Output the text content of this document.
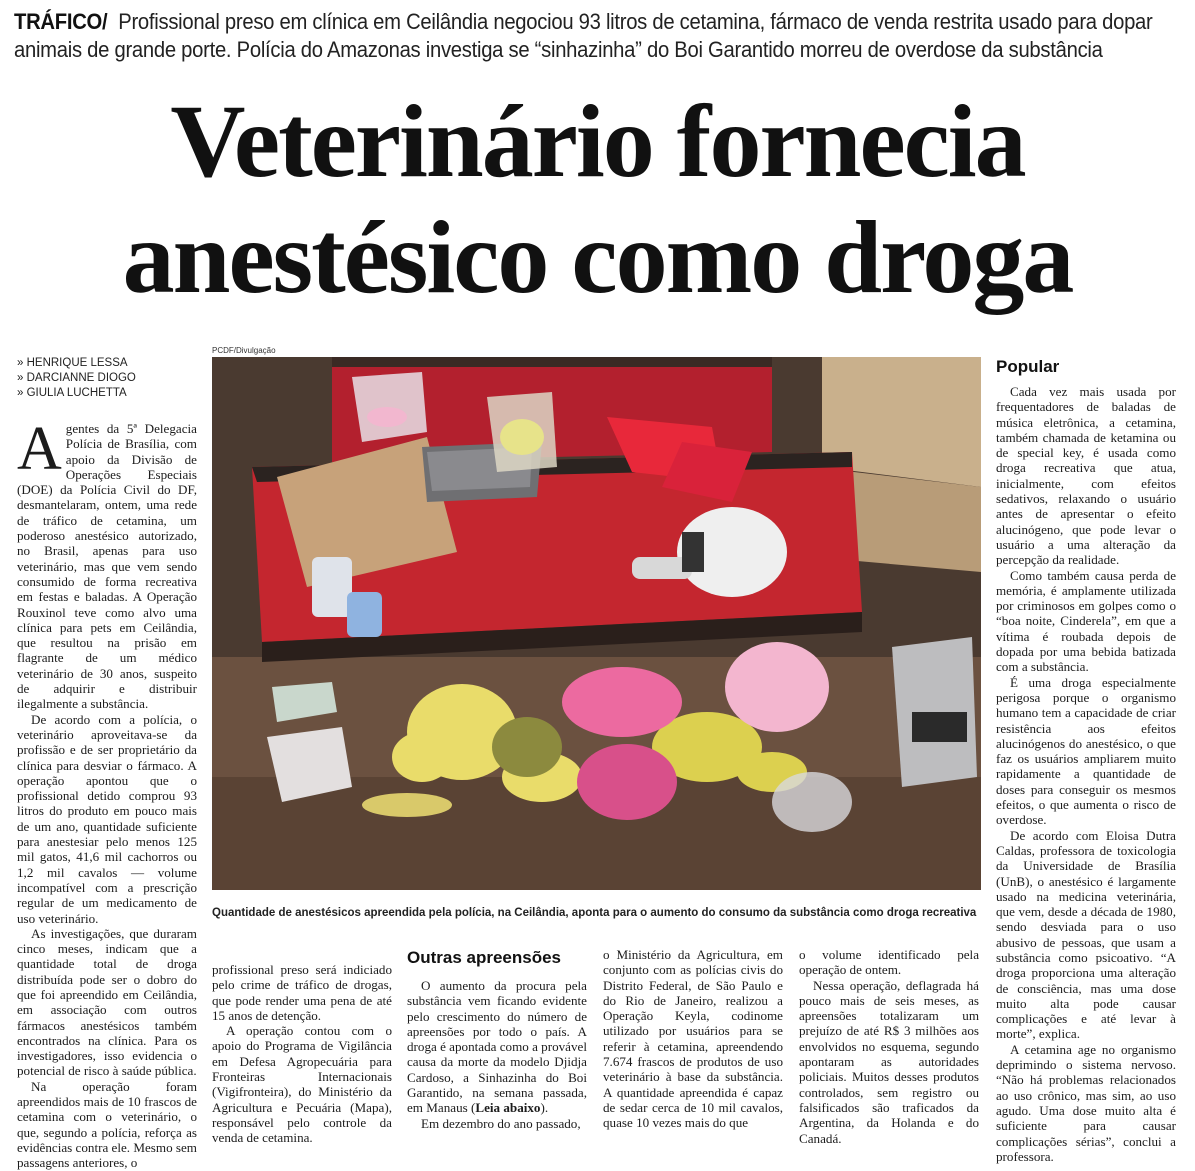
TRÁFICO/ Profissional preso em clínica em Ceilândia negociou 93 litros de cetamina, fármaco de venda restrita usado para dopar animais de grande porte. Polícia do Amazonas investiga se “sinhazinha” do Boi Garantido morreu de overdose da substância
Veterinário fornecia
anestésico como droga
» HENRIQUE LESSA
» DARCIANNE DIOGO
» GIULIA LUCHETTA

Agentes da 5ª Delegacia Polícia de Brasília, com apoio da Divisão de Operações Especiais (DOE) da Polícia Civil do DF, desmantelaram, ontem, uma rede de tráfico de cetamina, um poderoso anestésico autorizado, no Brasil, apenas para uso veterinário, mas que vem sendo consumido de forma recreativa em festas e baladas. A Operação Rouxinol teve como alvo uma clínica para pets em Ceilândia, que resultou na prisão em flagrante de um médico veterinário de 30 anos, suspeito de adquirir e distribuir ilegalmente a substância.

De acordo com a polícia, o veterinário aproveitava-se da profissão e de ser proprietário da clínica para desviar o fármaco. A operação apontou que o profissional detido comprou 93 litros do produto em pouco mais de um ano, quantidade suficiente para anestesiar pelo menos 125 mil gatos, 41,6 mil cachorros ou 1,2 mil cavalos — volume incompatível com a prescrição regular de um medicamento de uso veterinário.

As investigações, que duraram cinco meses, indicam que a quantidade total de droga distribuída pode ser o dobro do que foi apreendido em Ceilândia, em associação com outros fármacos anestésicos também encontrados na clínica. Para os investigadores, isso evidencia o potencial de risco à saúde pública.

Na operação foram apreendidos mais de 10 frascos de cetamina com o veterinário, o que, segundo a polícia, reforça as evidências contra ele. Mesmo sem passagens anteriores, o

PCDF/Divulgação
Quantidade de anestésicos apreendida pela polícia, na Ceilândia, aponta para o aumento do consumo da substância como droga recreativa

profissional preso será indiciado pelo crime de tráfico de drogas, que pode render uma pena de até 15 anos de detenção.

A operação contou com o apoio do Programa de Vigilância em Defesa Agropecuária para Fronteiras Internacionais (Vigifronteira), do Ministério da Agricultura e Pecuária (Mapa), responsável pelo controle da venda de cetamina.

Outras apreensões

O aumento da procura pela substância vem ficando evidente pelo crescimento do número de apreensões por todo o país. A droga é apontada como a provável causa da morte da modelo Djidja Cardoso, a Sinhazinha do Boi Garantido, na semana passada, em Manaus (Leia abaixo).

Em dezembro do ano passado,

o Ministério da Agricultura, em conjunto com as polícias civis do Distrito Federal, de São Paulo e do Rio de Janeiro, realizou a Operação Keyla, codinome utilizado por usuários para se referir à cetamina, apreendendo 7.674 frascos de produtos de uso veterinário à base da substância. A quantidade apreendida é capaz de sedar cerca de 10 mil cavalos, quase 10 vezes mais do que

o volume identificado pela operação de ontem.

Nessa operação, deflagrada há pouco mais de seis meses, as apreensões totalizaram um prejuízo de até R$ 3 milhões aos envolvidos no esquema, segundo apontaram as autoridades policiais. Muitos desses produtos controlados, sem registro ou falsificados são traficados da Argentina, da Holanda e do Canadá.

Popular

Cada vez mais usada por frequentadores de baladas de música eletrônica, a cetamina, também chamada de ketamina ou de special key, é usada como droga recreativa que atua, inicialmente, com efeitos sedativos, relaxando o usuário antes de apresentar o efeito alucinógeno, que pode levar o usuário a uma alteração da percepção da realidade.

Como também causa perda de memória, é amplamente utilizada por criminosos em golpes como o “boa noite, Cinderela”, em que a vítima é roubada depois de dopada por uma bebida batizada com a substância.

É uma droga especialmente perigosa porque o organismo humano tem a capacidade de criar resistência aos efeitos alucinógenos do anestésico, o que faz os usuários ampliarem muito rapidamente a quantidade de doses para conseguir os mesmos efeitos, o que aumenta o risco de overdose.

De acordo com Eloisa Dutra Caldas, professora de toxicologia da Universidade de Brasília (UnB), o anestésico é largamente usado na medicina veterinária, que vem, desde a década de 1980, sendo desviada para o uso abusivo de pessoas, que usam a substância como psicoativo. “A droga proporciona uma alteração de consciência, mas uma dose muito alta pode causar complicações e até levar à morte”, explica.

A cetamina age no organismo deprimindo o sistema nervoso. “Não há problemas relacionados ao uso crônico, mas sim, ao uso agudo. Uma dose muito alta é suficiente para causar complicações sérias”, conclui a professora.
